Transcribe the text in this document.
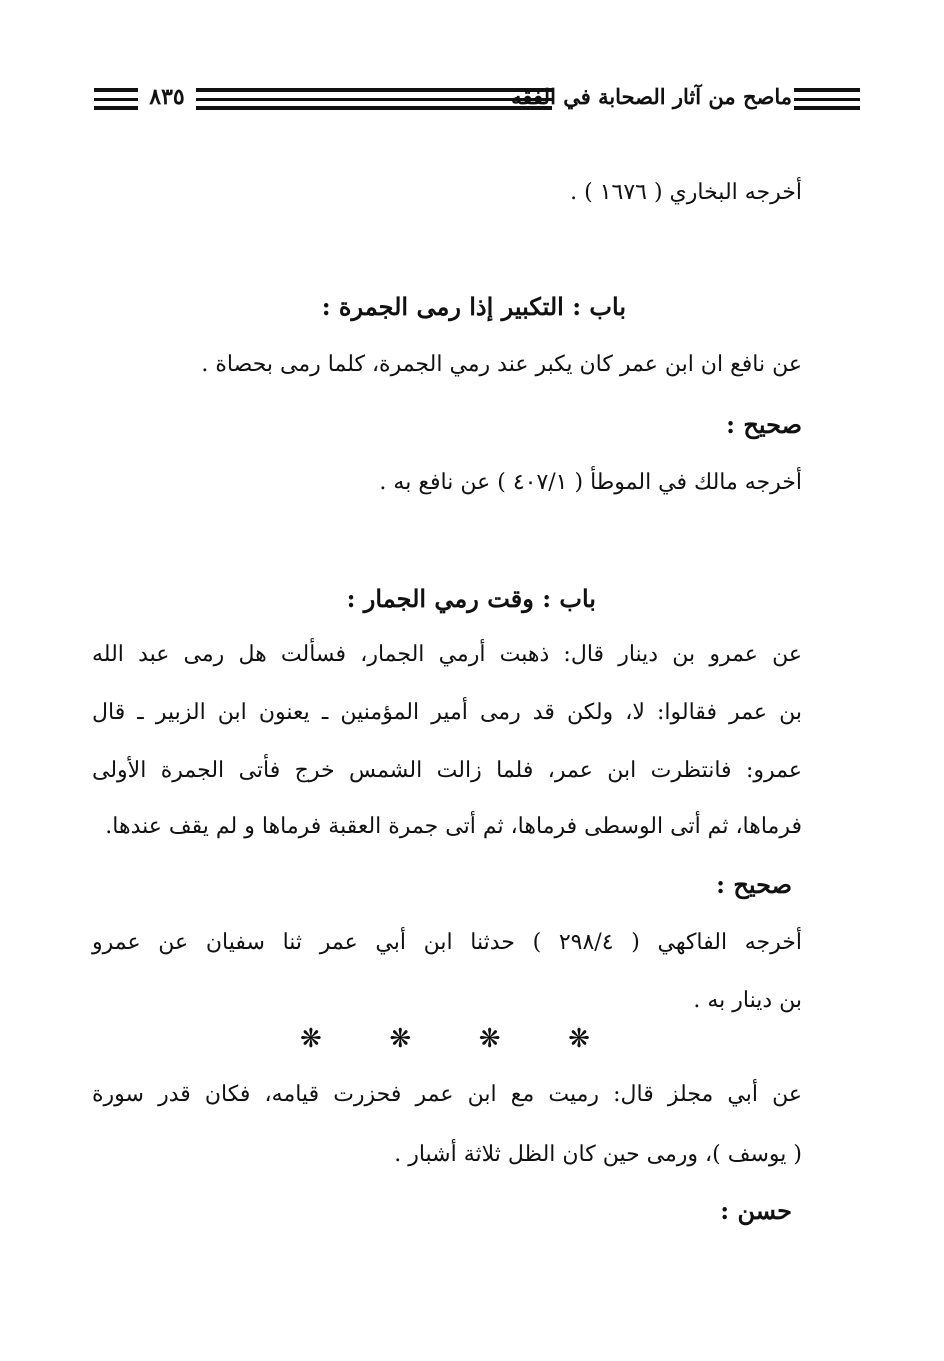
٨٣٥	ماصح من آثار الصحابة في الفقه
أخرجه البخاري ( ١٦٧٦ ) .
باب : التكبير إذا رمى الجمرة :
عن نافع ان ابن عمر كان يكبر عند رمي الجمرة، كلما رمى بحصاة .
صحيح :
أخرجه مالك في الموطأ ( ٤٠٧/١ ) عن نافع به .
باب : وقت رمي الجمار :
عن عمرو بن دينار قال: ذهبت أرمي الجمار، فسألت هل رمى عبد الله
بن عمر فقالوا: لا، ولكن قد رمى أمير المؤمنين ـ يعنون ابن الزبير ـ قال
عمرو: فانتظرت ابن عمر، فلما زالت الشمس خرج فأتى الجمرة الأولى
فرماها، ثم أتى الوسطى فرماها، ثم أتى جمرة العقبة فرماها و لم يقف عندها.
صحيح :
أخرجه الفاكهي ( ٢٩٨/٤ ) حدثنا ابن أبي عمر ثنا سفيان عن عمرو
بن دينار به .
عن أبي مجلز قال: رميت مع ابن عمر فحزرت قيامه، فكان قدر سورة
( يوسف )، ورمى حين كان الظل ثلاثة أشبار .
حسن :
❋	❋	❋	❋
